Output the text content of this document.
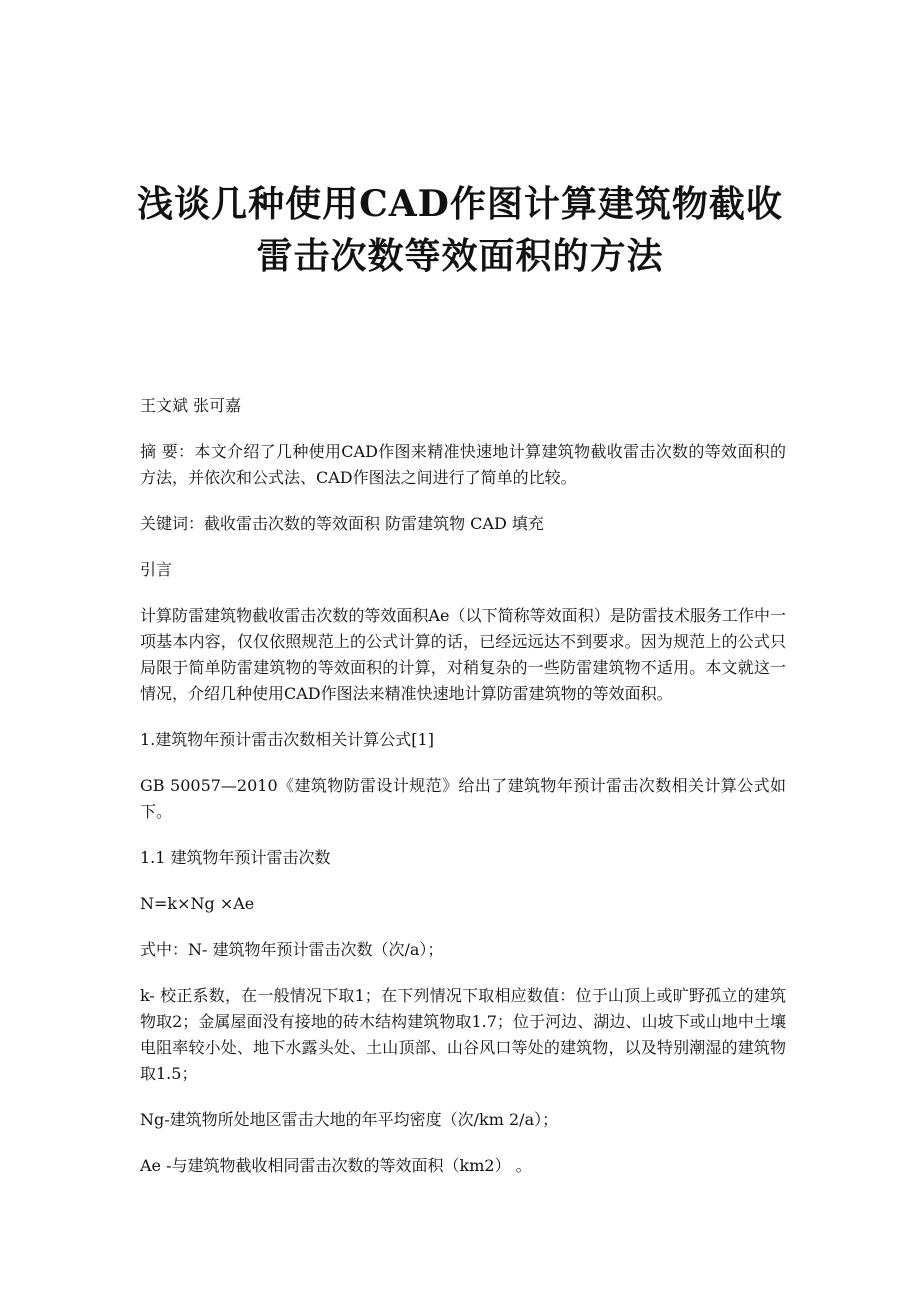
浅谈几种使用CAD作图计算建筑物截收
雷击次数等效面积的方法

王文斌 张可嘉

摘 要：本文介绍了几种使用CAD作图来精准快速地计算建筑物截收雷击次数的等效面积的方法，并依次和公式法、CAD作图法之间进行了简单的比较。

关键词：截收雷击次数的等效面积 防雷建筑物 CAD 填充

引言

计算防雷建筑物截收雷击次数的等效面积Ae（以下简称等效面积）是防雷技术服务工作中一项基本内容，仅仅依照规范上的公式计算的话，已经远远达不到要求。因为规范上的公式只局限于简单防雷建筑物的等效面积的计算，对稍复杂的一些防雷建筑物不适用。本文就这一情况，介绍几种使用CAD作图法来精准快速地计算防雷建筑物的等效面积。

1.建筑物年预计雷击次数相关计算公式[1]

GB 50057—2010《建筑物防雷设计规范》给出了建筑物年预计雷击次数相关计算公式如下。

1.1 建筑物年预计雷击次数

N=k×Ng ×Ae

式中：N- 建筑物年预计雷击次数（次/a）；

k- 校正系数，在一般情况下取1；在下列情况下取相应数值：位于山顶上或旷野孤立的建筑物取2；金属屋面没有接地的砖木结构建筑物取1.7；位于河边、湖边、山坡下或山地中土壤电阻率较小处、地下水露头处、土山顶部、山谷风口等处的建筑物，以及特别潮湿的建筑物取1.5；

Ng-建筑物所处地区雷击大地的年平均密度（次/km 2/a）；

Ae -与建筑物截收相同雷击次数的等效面积（km2） 。
